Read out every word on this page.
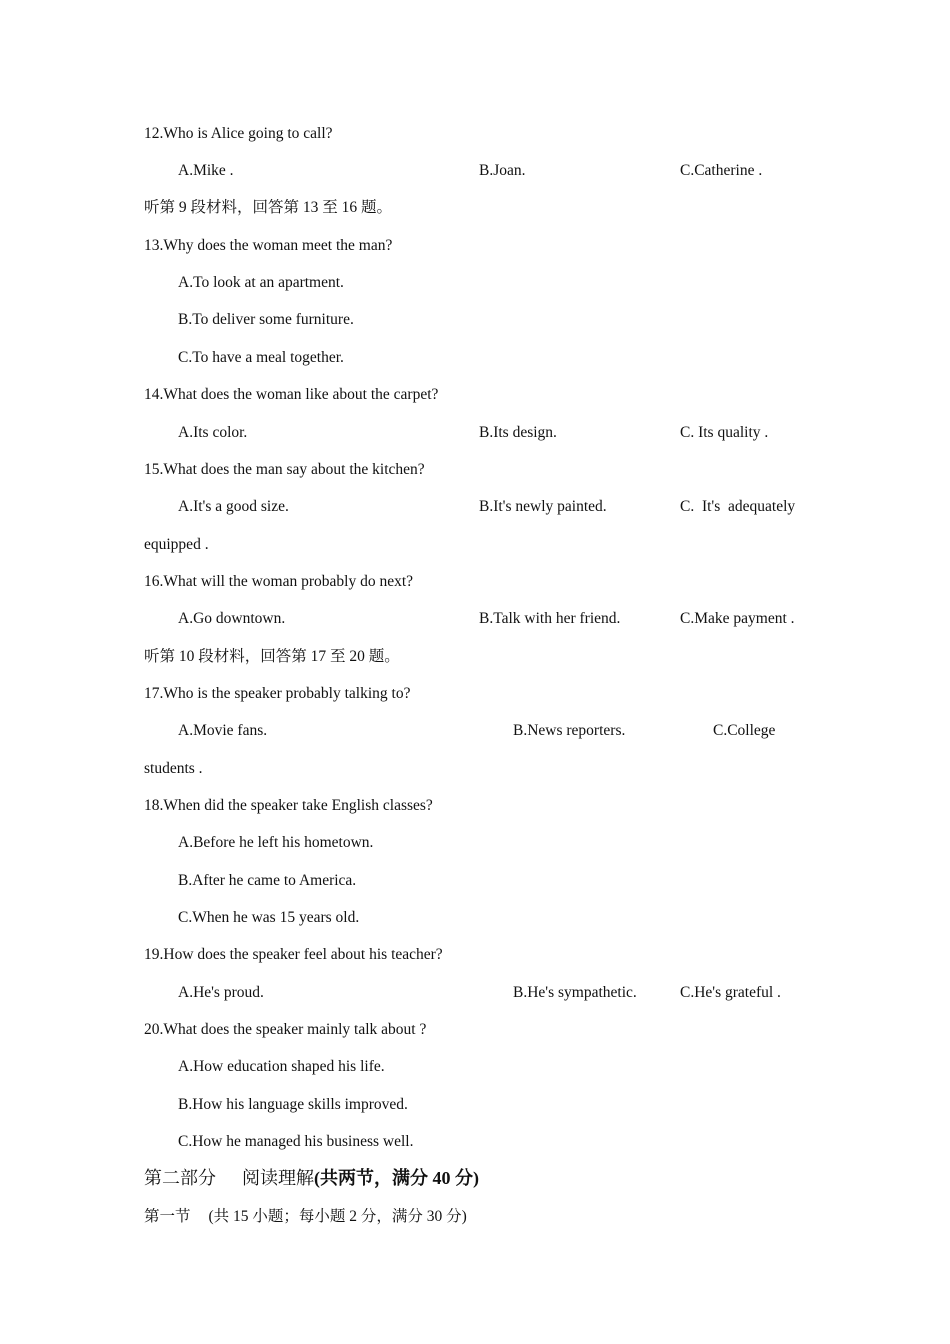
12.Who is Alice going to call?
A.Mike .	B.Joan.	C.Catherine .
听第 9 段材料，回答第 13 至 16 题。
13.Why does the woman meet the man?
A.To look at an apartment.
B.To deliver some furniture.
C.To have a meal together.
14.What does the woman like about the carpet?
A.Its color.	B.Its design.	C. Its quality .
15.What does the man say about the kitchen?
A.It's a good size.	B.It's newly painted.	C.  It's  adequately
equipped .
16.What will the woman probably do next?
A.Go downtown.	B.Talk with her friend.	C.Make payment .
听第 10 段材料，回答第 17 至 20 题。
17.Who is the speaker probably talking to?
A.Movie fans.	B.News reporters.	C.College
students .
18.When did the speaker take English classes?
A.Before he left his hometown.
B.After he came to America.
C.When he was 15 years old.
19.How does the speaker feel about his teacher?
A.He's proud.	B.He's sympathetic.	C.He's grateful .
20.What does the speaker mainly talk about ?
A.How education shaped his life.
B.How his language skills improved.
C.How he managed his business well.
第二部分 阅读理解(共两节，满分 40 分)
第一节 (共 15 小题；每小题 2 分，满分 30 分)
